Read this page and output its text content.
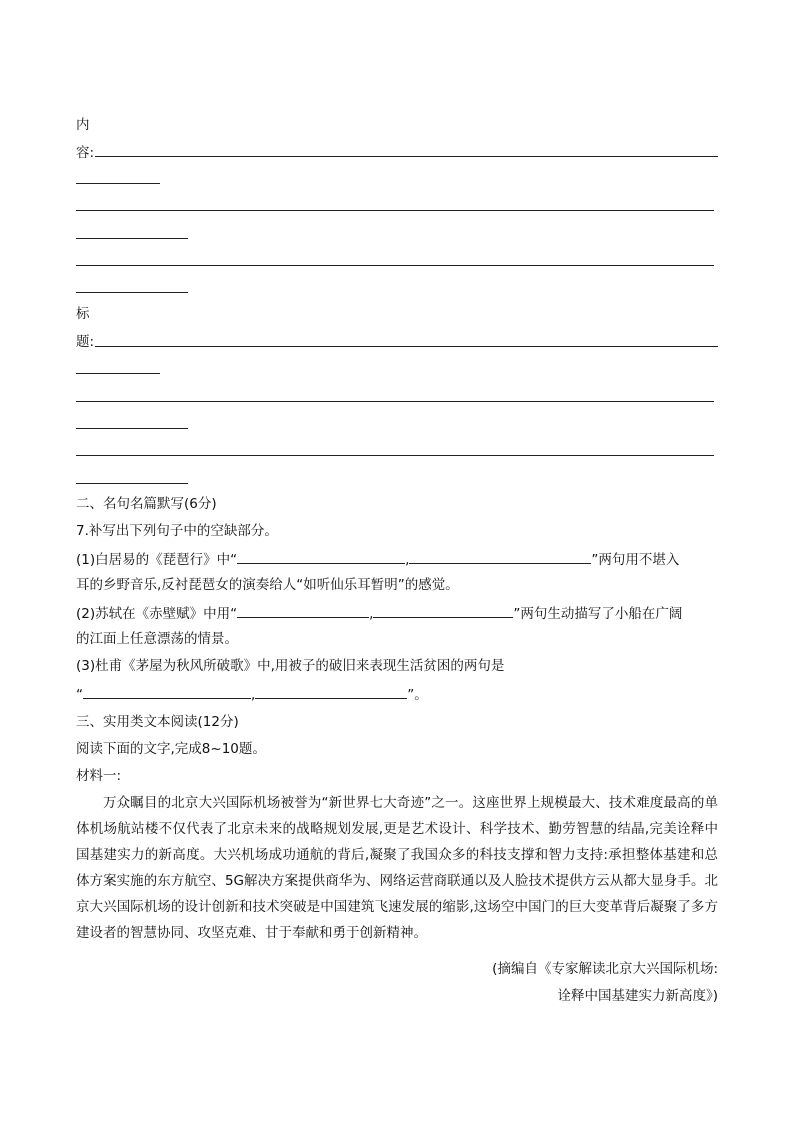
内
容:
标
题:
二、名句名篇默写(6分)
7.补写出下列句子中的空缺部分。
(1)白居易的《琵琶行》中“	,	”两句用不堪入
耳的乡野音乐,反衬琵琶女的演奏给人“如听仙乐耳暂明”的感觉。
(2)苏轼在《赤壁赋》中用“	,	”两句生动描写了小船在广阔
的江面上任意漂荡的情景。
(3)杜甫《茅屋为秋风所破歌》中,用被子的破旧来表现生活贫困的两句是
“	,	”。
三、实用类文本阅读(12分)
阅读下面的文字,完成8~10题。
材料一:
万众瞩目的北京大兴国际机场被誉为“新世界七大奇迹”之一。这座世界上规模最大、技术难度最高的单体机场航站楼不仅代表了北京未来的战略规划发展,更是艺术设计、科学技术、勤劳智慧的结晶,完美诠释中国基建实力的新高度。大兴机场成功通航的背后,凝聚了我国众多的科技支撑和智力支持:承担整体基建和总体方案实施的东方航空、5G解决方案提供商华为、网络运营商联通以及人脸技术提供方云从都大显身手。北京大兴国际机场的设计创新和技术突破是中国建筑飞速发展的缩影,这场空中国门的巨大变革背后凝聚了多方建设者的智慧协同、攻坚克难、甘于奉献和勇于创新精神。
(摘编自《专家解读北京大兴国际机场:
诠释中国基建实力新高度》)
